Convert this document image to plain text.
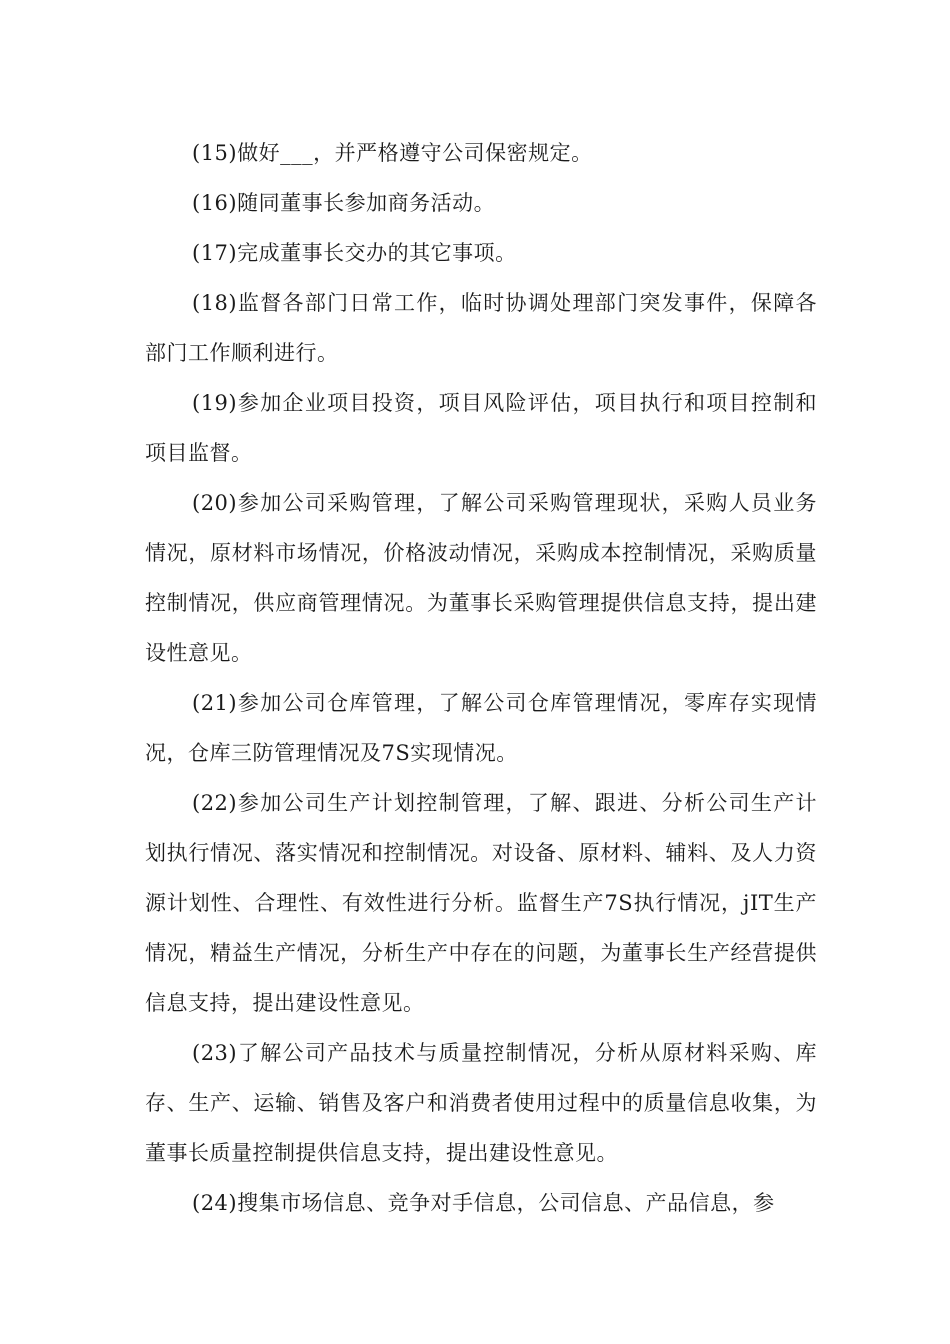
(15)做好___，并严格遵守公司保密规定。

(16)随同董事长参加商务活动。

(17)完成董事长交办的其它事项。

(18)监督各部门日常工作，临时协调处理部门突发事件，保障各部门工作顺利进行。

(19)参加企业项目投资，项目风险评估，项目执行和项目控制和项目监督。

(20)参加公司采购管理，了解公司采购管理现状，采购人员业务情况，原材料市场情况，价格波动情况，采购成本控制情况，采购质量控制情况，供应商管理情况。为董事长采购管理提供信息支持，提出建设性意见。

(21)参加公司仓库管理，了解公司仓库管理情况，零库存实现情况，仓库三防管理情况及7S实现情况。

(22)参加公司生产计划控制管理，了解、跟进、分析公司生产计划执行情况、落实情况和控制情况。对设备、原材料、辅料、及人力资源计划性、合理性、有效性进行分析。监督生产7S执行情况，jIT生产情况，精益生产情况，分析生产中存在的问题，为董事长生产经营提供信息支持，提出建设性意见。

(23)了解公司产品技术与质量控制情况，分析从原材料采购、库存、生产、运输、销售及客户和消费者使用过程中的质量信息收集，为董事长质量控制提供信息支持，提出建设性意见。

(24)搜集市场信息、竞争对手信息，公司信息、产品信息，参
